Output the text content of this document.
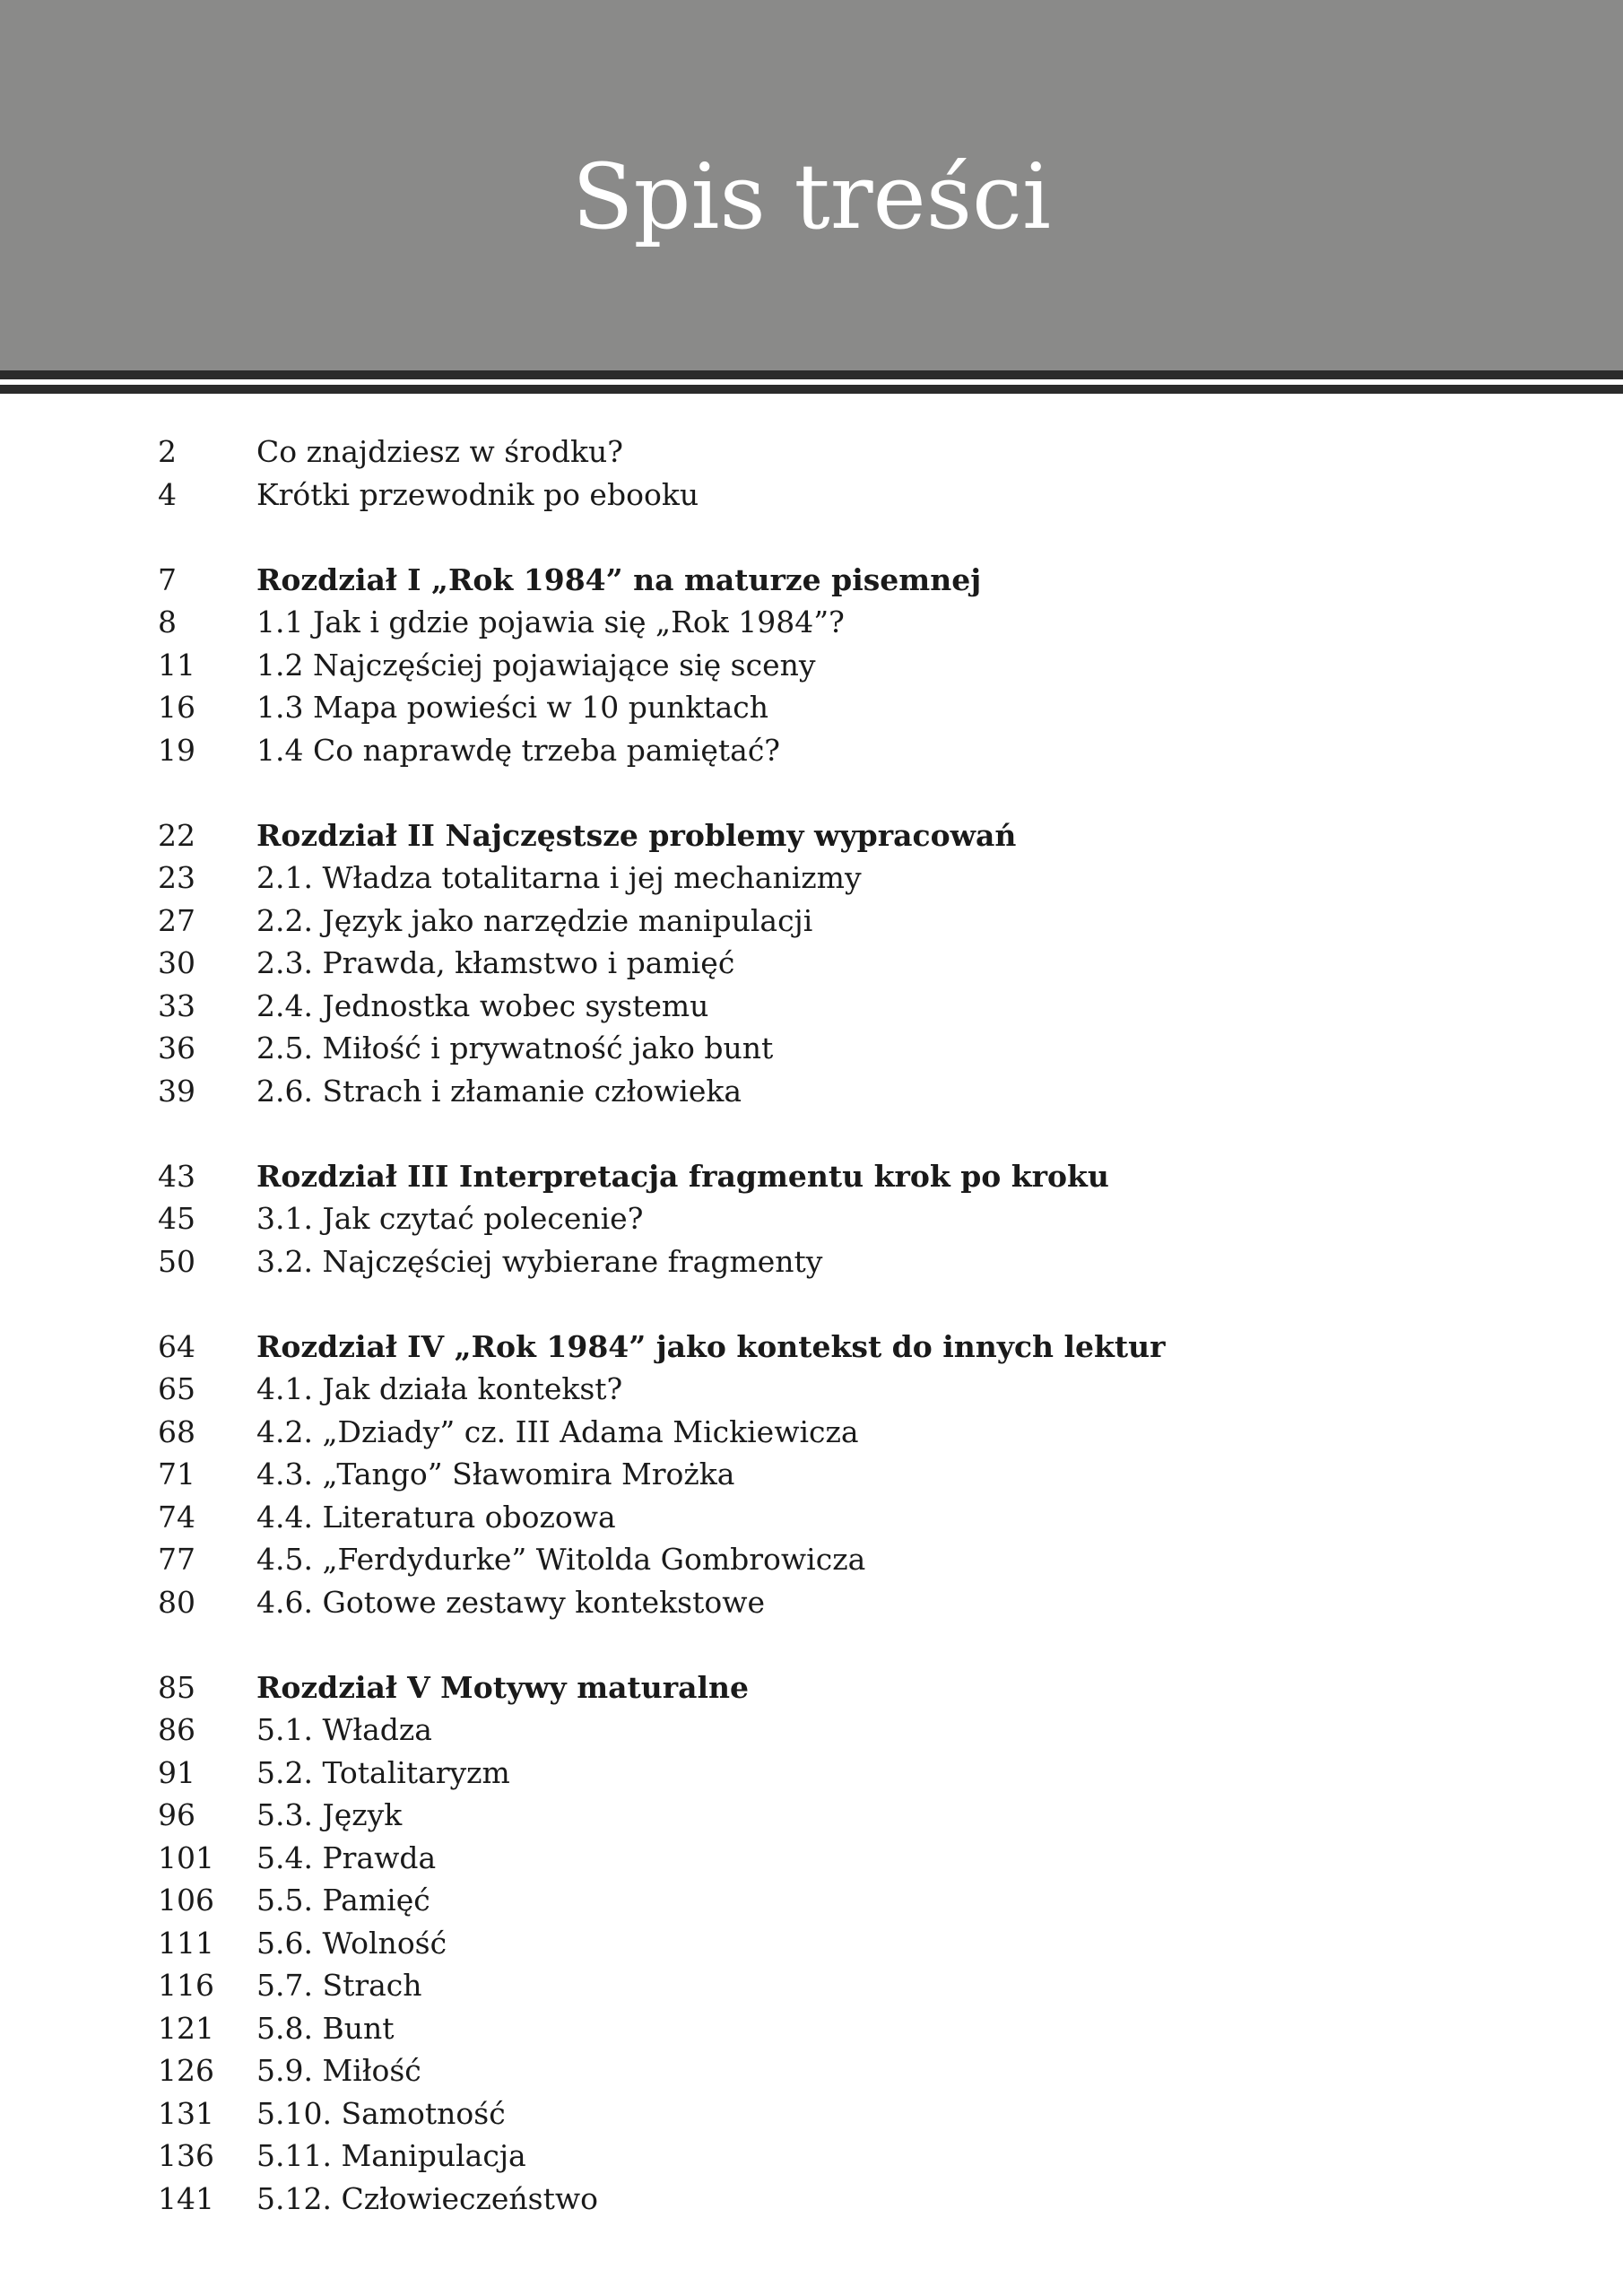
Spis treści
2	Co znajdziesz w środku?
4	Krótki przewodnik po ebooku
7	Rozdział I „Rok 1984” na maturze pisemnej
8	1.1 Jak i gdzie pojawia się „Rok 1984”?
11	1.2 Najczęściej pojawiające się sceny
16	1.3 Mapa powieści w 10 punktach
19	1.4 Co naprawdę trzeba pamiętać?
22	Rozdział II Najczęstsze problemy wypracowań
23	2.1. Władza totalitarna i jej mechanizmy
27	2.2. Język jako narzędzie manipulacji
30	2.3. Prawda, kłamstwo i pamięć
33	2.4. Jednostka wobec systemu
36	2.5. Miłość i prywatność jako bunt
39	2.6. Strach i złamanie człowieka
43	Rozdział III Interpretacja fragmentu krok po kroku
45	3.1. Jak czytać polecenie?
50	3.2. Najczęściej wybierane fragmenty
64	Rozdział IV „Rok 1984” jako kontekst do innych lektur
65	4.1. Jak działa kontekst?
68	4.2. „Dziady” cz. III Adama Mickiewicza
71	4.3. „Tango” Sławomira Mrożka
74	4.4. Literatura obozowa
77	4.5. „Ferdydurke” Witolda Gombrowicza
80	4.6. Gotowe zestawy kontekstowe
85	Rozdział V Motywy maturalne
86	5.1. Władza
91	5.2. Totalitaryzm
96	5.3. Język
101	5.4. Prawda
106	5.5. Pamięć
111	5.6. Wolność
116	5.7. Strach
121	5.8. Bunt
126	5.9. Miłość
131	5.10. Samotność
136	5.11. Manipulacja
141	5.12. Człowieczeństwo
